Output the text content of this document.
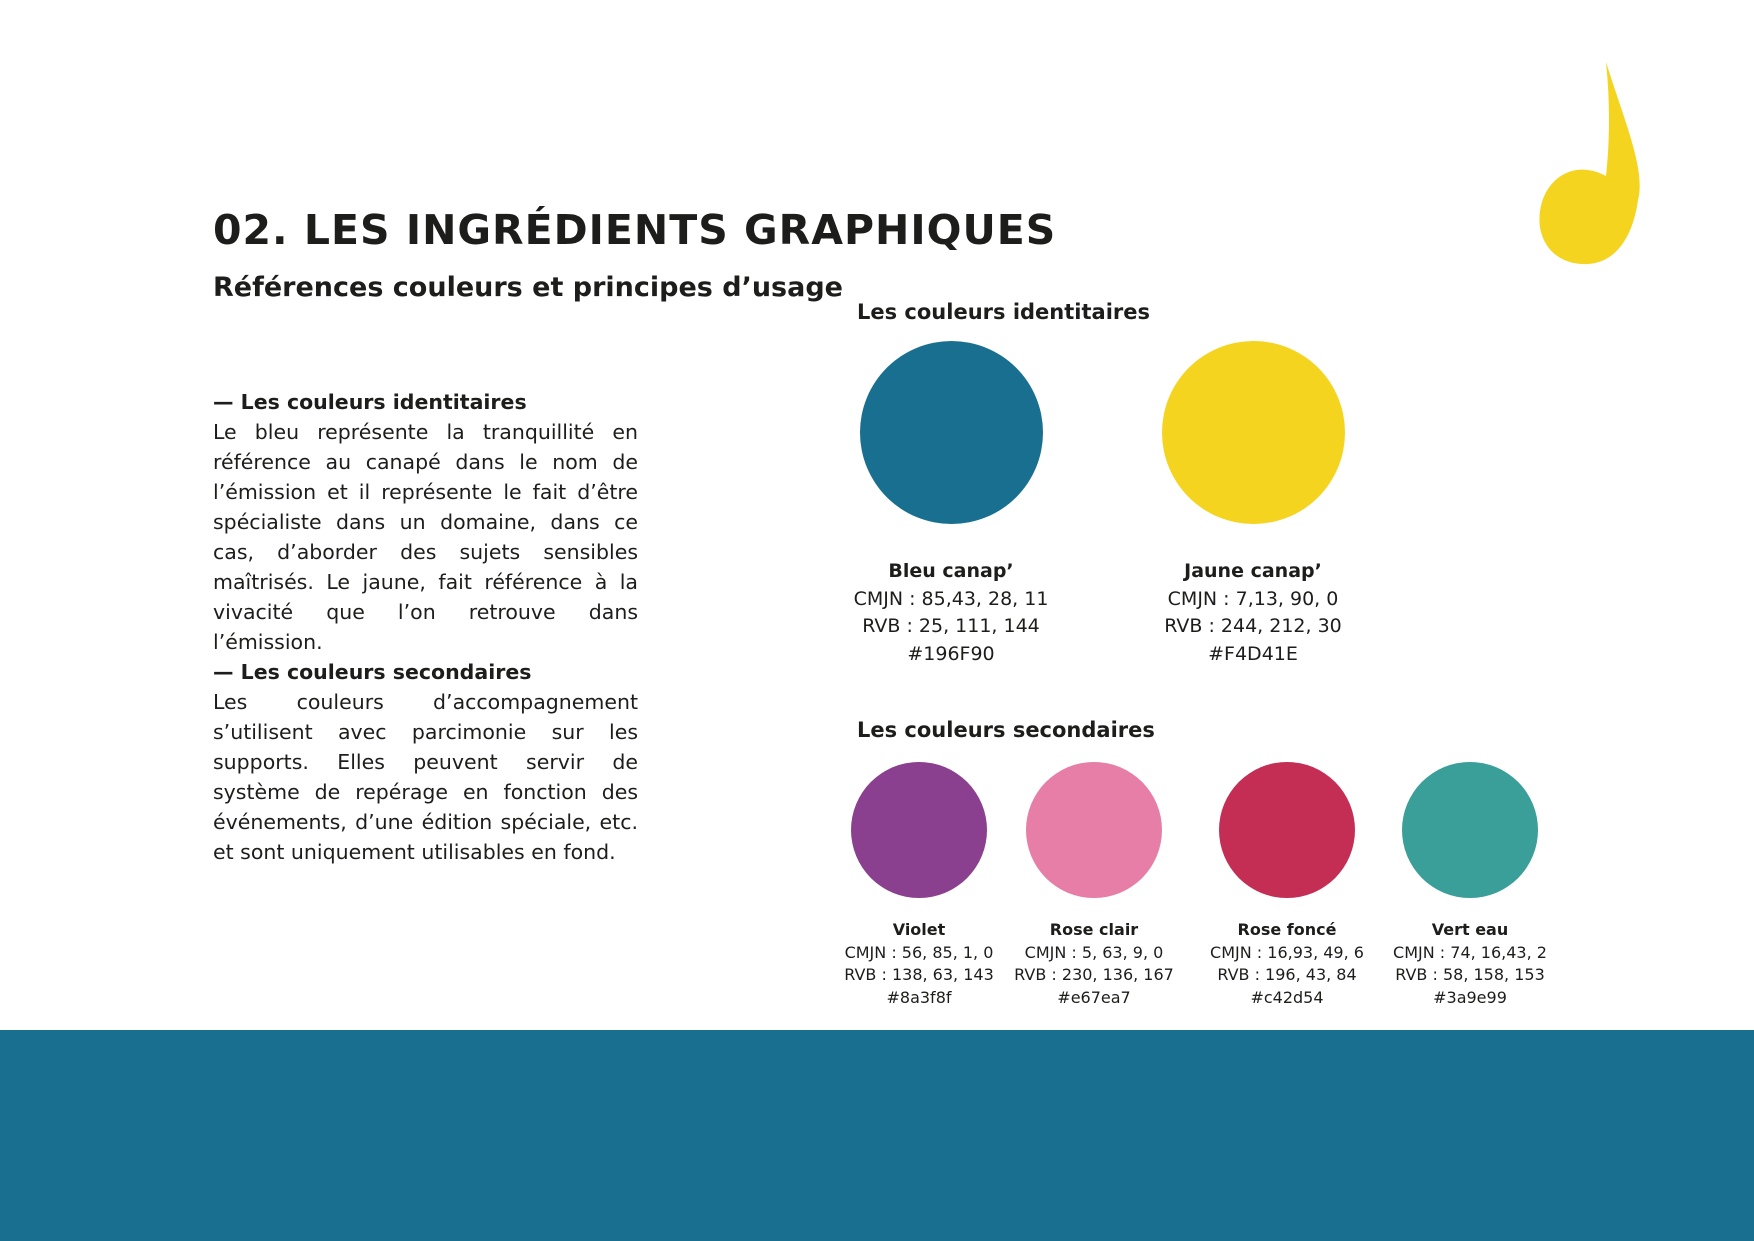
02. LES INGRÉDIENTS GRAPHIQUES
Références couleurs et principes d’usage
— Les couleurs identitaires

Le bleu représente la tranquillité en référence au canapé dans le nom de l’émission et il représente le fait d’être spécialiste dans un domaine, dans ce cas, d’aborder des sujets sensibles maîtrisés. Le jaune, fait référence à la vivacité que l’on retrouve dans l’émission.

— Les couleurs secondaires

Les couleurs d’accompagnement s’utilisent avec parcimonie sur les supports. Elles peuvent servir de système de repérage en fonction des événements, d’une édition spéciale, etc. et sont uniquement utilisables en fond.

Les couleurs identitaires
Bleu canap’
CMJN : 85,43, 28, 11
RVB : 25, 111, 144
#196F90
Jaune canap’
CMJN : 7,13, 90, 0
RVB : 244, 212, 30
#F4D41E
Les couleurs secondaires
Violet
CMJN : 56, 85, 1, 0
RVB : 138, 63, 143
#8a3f8f
Rose clair
CMJN : 5, 63, 9, 0
RVB : 230, 136, 167
#e67ea7
Rose foncé
CMJN : 16,93, 49, 6
RVB : 196, 43, 84
#c42d54
Vert eau
CMJN : 74, 16,43, 2
RVB : 58, 158, 153
#3a9e99
